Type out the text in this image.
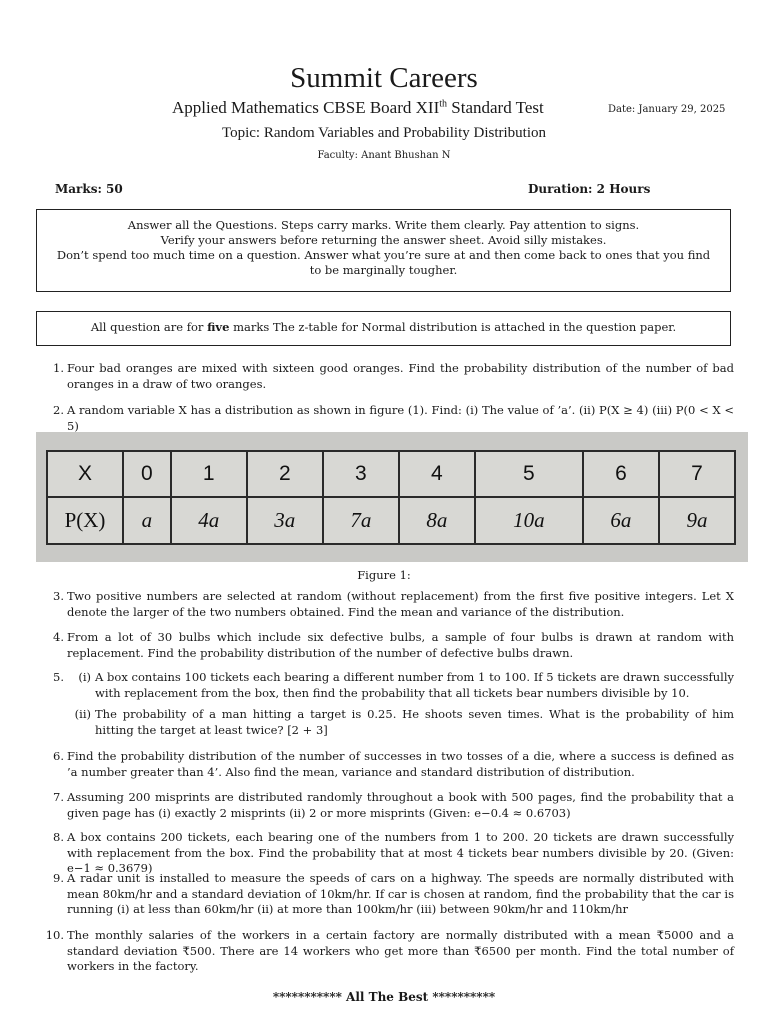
Summit Careers
Applied Mathematics CBSE Board XIIth Standard Test	Date: January 29, 2025
Topic: Random Variables and Probability Distribution
Faculty: Anant Bhushan N
Marks: 50	Duration: 2 Hours

Answer all the Questions. Steps carry marks. Write them clearly. Pay attention to signs.

Verify your answers before returning the answer sheet. Avoid silly mistakes.

Don’t spend too much time on a question. Answer what you’re sure at and then come back to ones that you find to be marginally tougher.

All question are for five marks The z-table for Normal distribution is attached in the question paper.

1. Four bad oranges are mixed with sixteen good oranges. Find the probability distribution of the number of bad oranges in a draw of two oranges.
2. A random variable X has a distribution as shown in figure (1). Find: (i) The value of ’a’. (ii) P(X ≥ 4) (iii) P(0 < X < 5)
X	0	1	2	3	4	5	6	7
P(X)	a	4a	3a	7a	8a	10a	6a	9a
Figure 1:
3. Two positive numbers are selected at random (without replacement) from the first five positive integers. Let X denote the larger of the two numbers obtained. Find the mean and variance of the distribution.
4. From a lot of 30 bulbs which include six defective bulbs, a sample of four bulbs is drawn at random with replacement. Find the probability distribution of the number of defective bulbs drawn.
5.	(i) A box contains 100 tickets each bearing a different number from 1 to 100. If 5 tickets are drawn successfully with replacement from the box, then find the probability that all tickets bear numbers divisible by 10.
(ii) The probability of a man hitting a target is 0.25. He shoots seven times. What is the probability of him hitting the target at least twice? [2 + 3]
6. Find the probability distribution of the number of successes in two tosses of a die, where a success is defined as ’a number greater than 4’. Also find the mean, variance and standard distribution of distribution.
7. Assuming 200 misprints are distributed randomly throughout a book with 500 pages, find the probability that a given page has (i) exactly 2 misprints (ii) 2 or more misprints (Given: e−0.4 ≈ 0.6703)
8. A box contains 200 tickets, each bearing one of the numbers from 1 to 200. 20 tickets are drawn successfully with replacement from the box. Find the probability that at most 4 tickets bear numbers divisible by 20. (Given: e−1 ≈ 0.3679)
9. A radar unit is installed to measure the speeds of cars on a highway. The speeds are normally distributed with mean 80km/hr and a standard deviation of 10km/hr. If car is chosen at random, find the probability that the car is running (i) at less than 60km/hr (ii) at more than 100km/hr (iii) between 90km/hr and 110km/hr
10. The monthly salaries of the workers in a certain factory are normally distributed with a mean ₹5000 and a standard deviation ₹500. There are 14 workers who get more than ₹6500 per month. Find the total number of workers in the factory.
*********** All The Best **********
